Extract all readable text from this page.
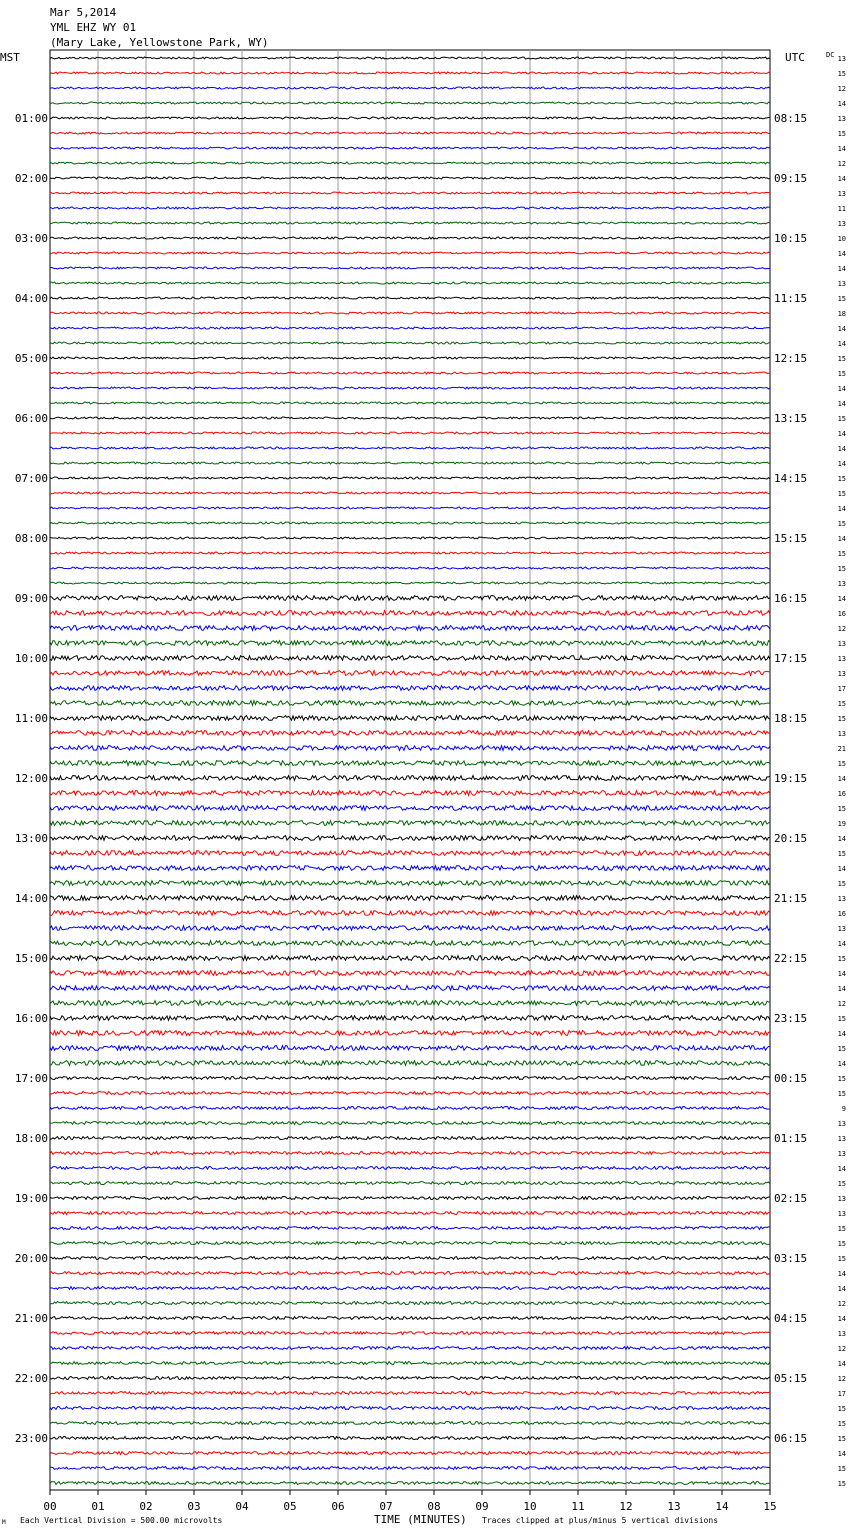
Mar 5,2014
YML EHZ WY 01
(Mary Lake, Yellowstone Park, WY)
MST	UTC	DC
01:00
02:00
03:00
04:00
05:00
06:00
07:00
08:00
09:00
10:00
11:00
12:00
13:00
14:00
15:00
16:00
17:00
18:00
19:00
20:00
21:00
22:00
23:00
08:15
09:15
10:15
11:15
12:15
13:15
14:15
15:15
16:15
17:15
18:15
19:15
20:15
21:15
22:15
23:15
00:15
01:15
02:15
03:15
04:15
05:15
06:15
13
15
12
14
13
15
14
12
14
13
11
13
10
14
14
13
15
18
14
14
15
15
14
14
15
14
14
14
15
15
14
15
14
15
15
13
14
16
12
13
13
13
17
15
15
13
21
15
14
16
15
19
14
15
14
15
13
16
13
14
15
14
14
12
15
14
15
14
15
15
9
13
13
13
14
15
13
13
15
15
15
14
14
12
14
13
12
14
12
17
15
15
15
14
15
15
00	01	02	03	04	05	06	07	08	09	10	11	12	13	14	15
M Each Vertical Division = 500.00 microvolts	TIME (MINUTES) Traces clipped at plus/minus 5 vertical divisions
